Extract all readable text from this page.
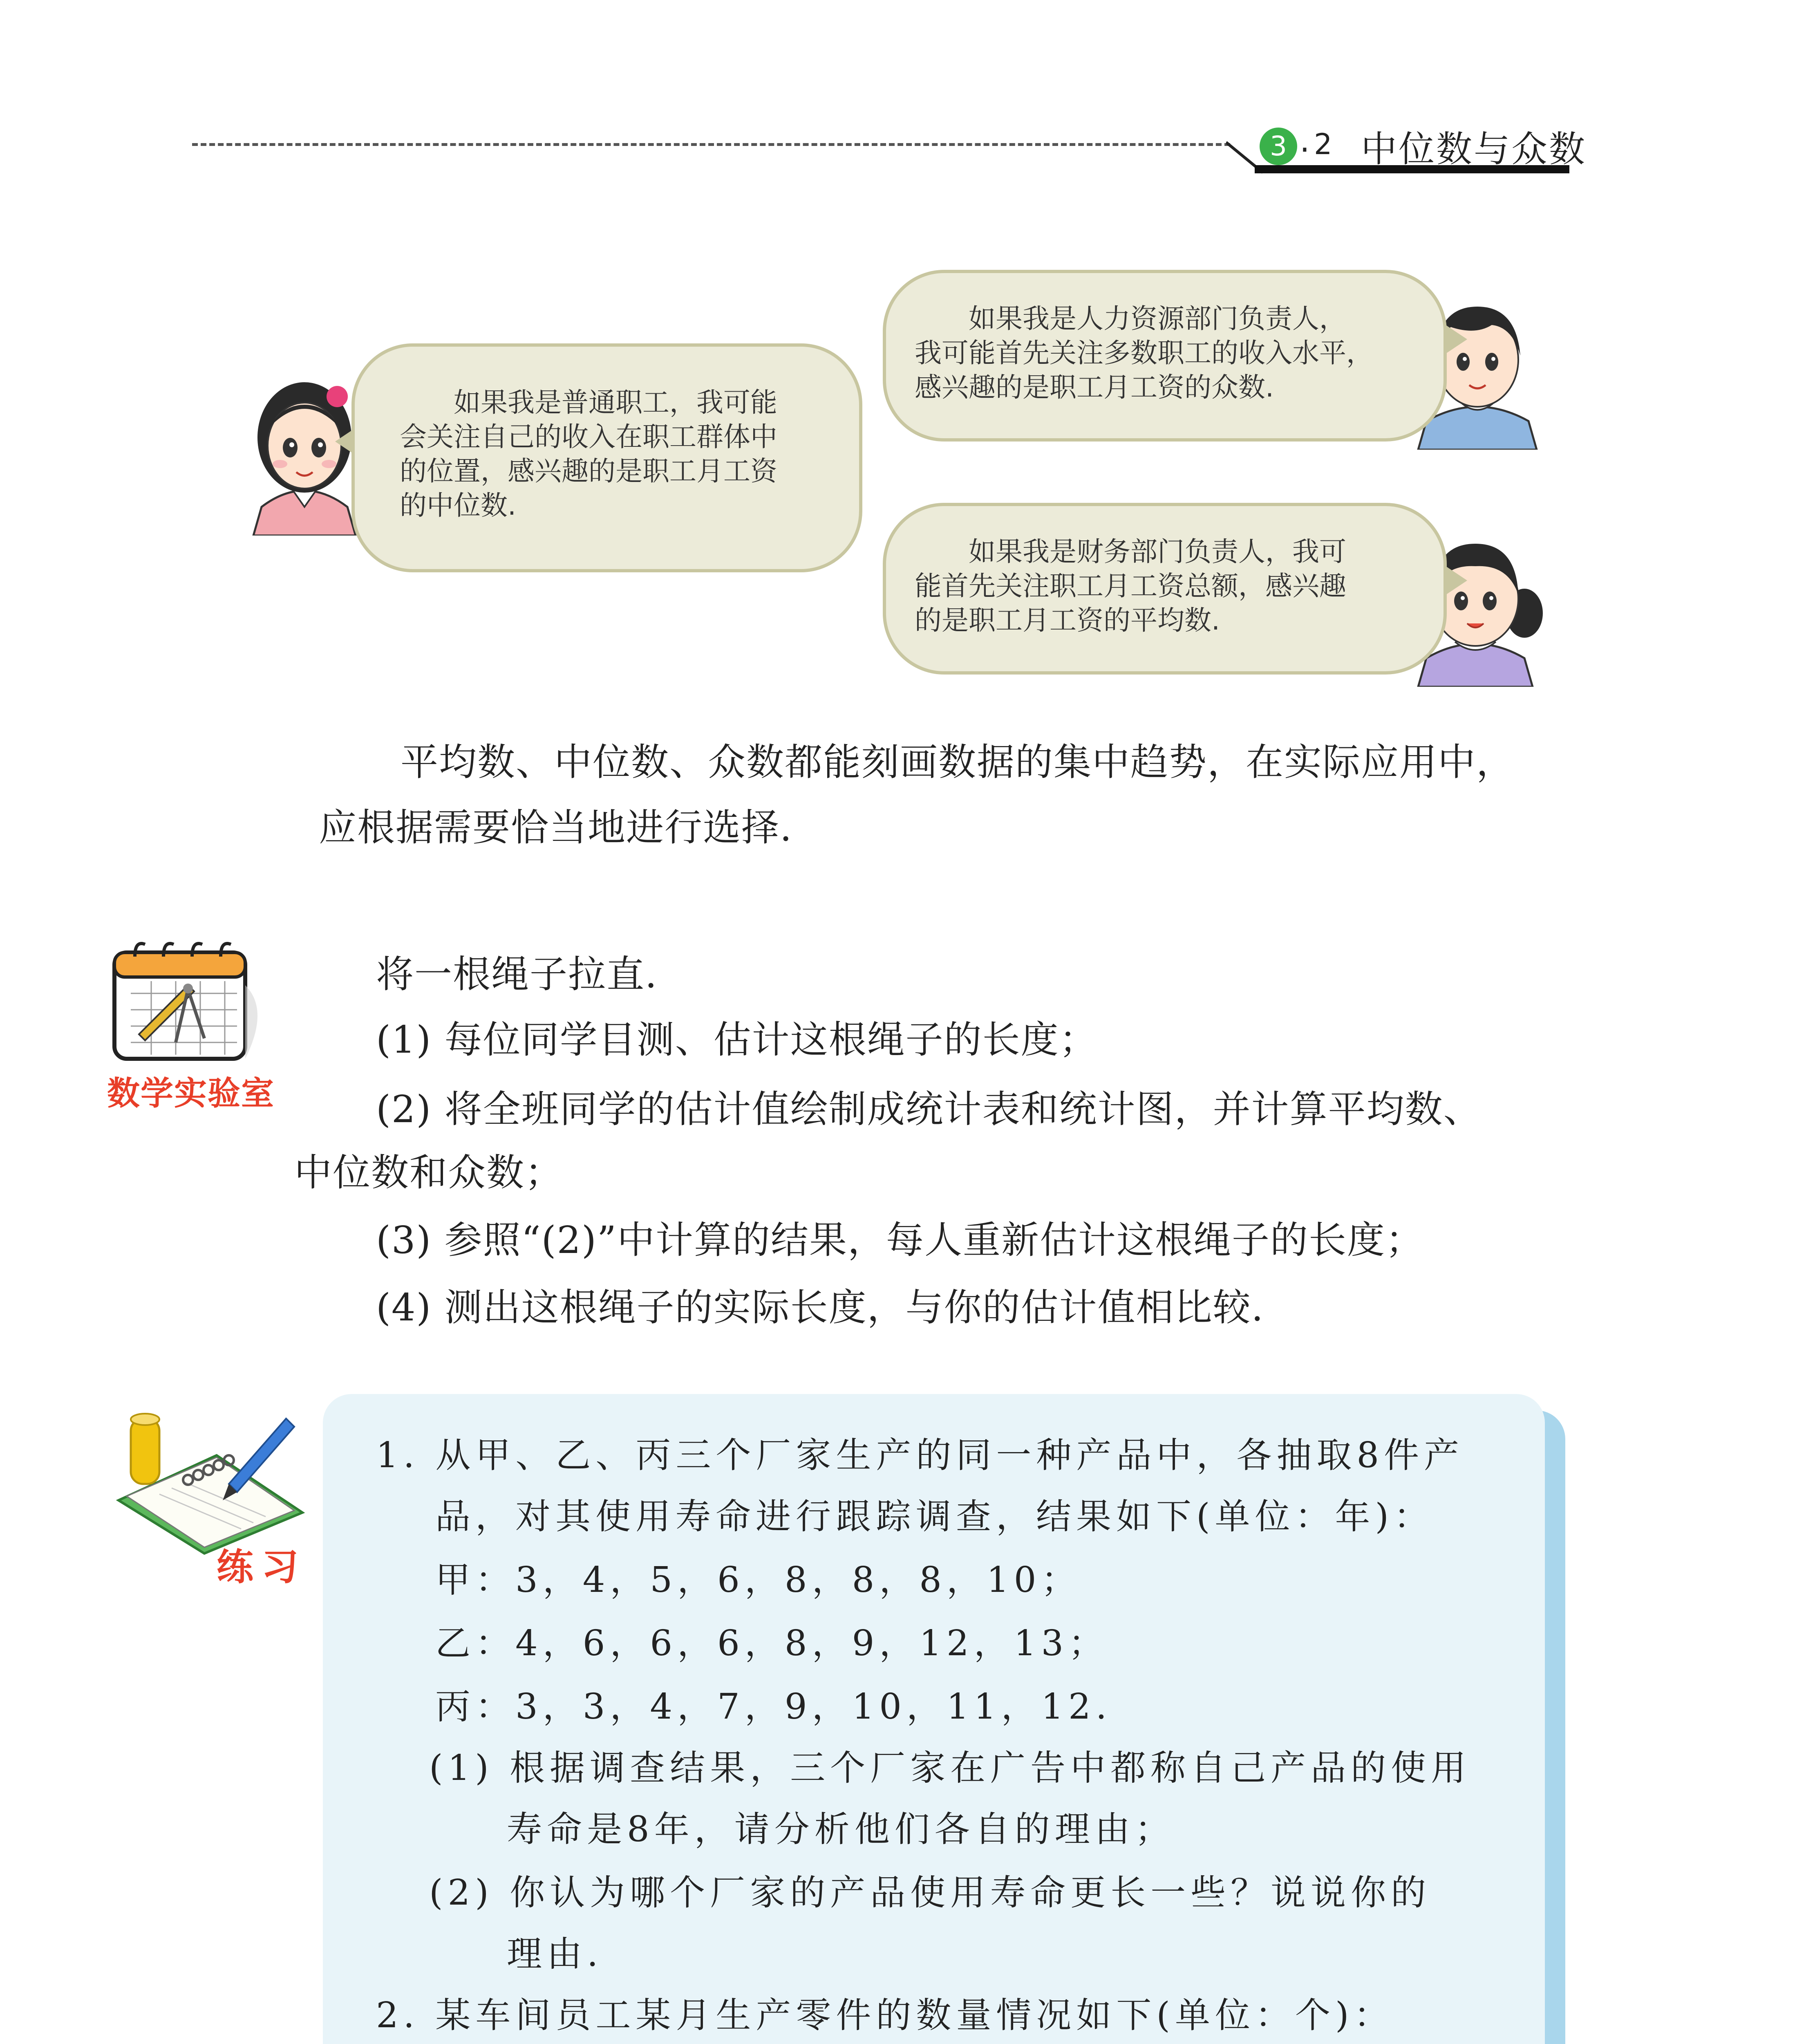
3 . 2 中位数与众数

　　如果我是普通职工，我可能

会关注自己的收入在职工群体中

的位置，感兴趣的是职工月工资

的中位数.

　　如果我是人力资源部门负责人，

我可能首先关注多数职工的收入水平，

感兴趣的是职工月工资的众数.

　　如果我是财务部门负责人，我可

能首先关注职工月工资总额，感兴趣

的是职工月工资的平均数.

平均数、中位数、众数都能刻画数据的集中趋势，在实际应用中，
应根据需要恰当地进行选择.
数学实验室
将一根绳子拉直.
(1) 每位同学目测、估计这根绳子的长度；
(2) 将全班同学的估计值绘制成统计表和统计图，并计算平均数、
中位数和众数；
(3) 参照“(2)”中计算的结果，每人重新估计这根绳子的长度；
(4) 测出这根绳子的实际长度，与你的估计值相比较.
练习
1. 从甲、乙、丙三个厂家生产的同一种产品中，各抽取8件产
品，对其使用寿命进行跟踪调查，结果如下(单位：年)：
甲：3，4，5，6，8，8，8，10；
乙：4，6，6，6，8，9，12，13；
丙：3，3，4，7，9，10，11，12.
(1) 根据调查结果，三个厂家在广告中都称自己产品的使用
寿命是8年，请分析他们各自的理由；
(2) 你认为哪个厂家的产品使用寿命更长一些？说说你的
理由.
2. 某车间员工某月生产零件的数量情况如下(单位：个)：
